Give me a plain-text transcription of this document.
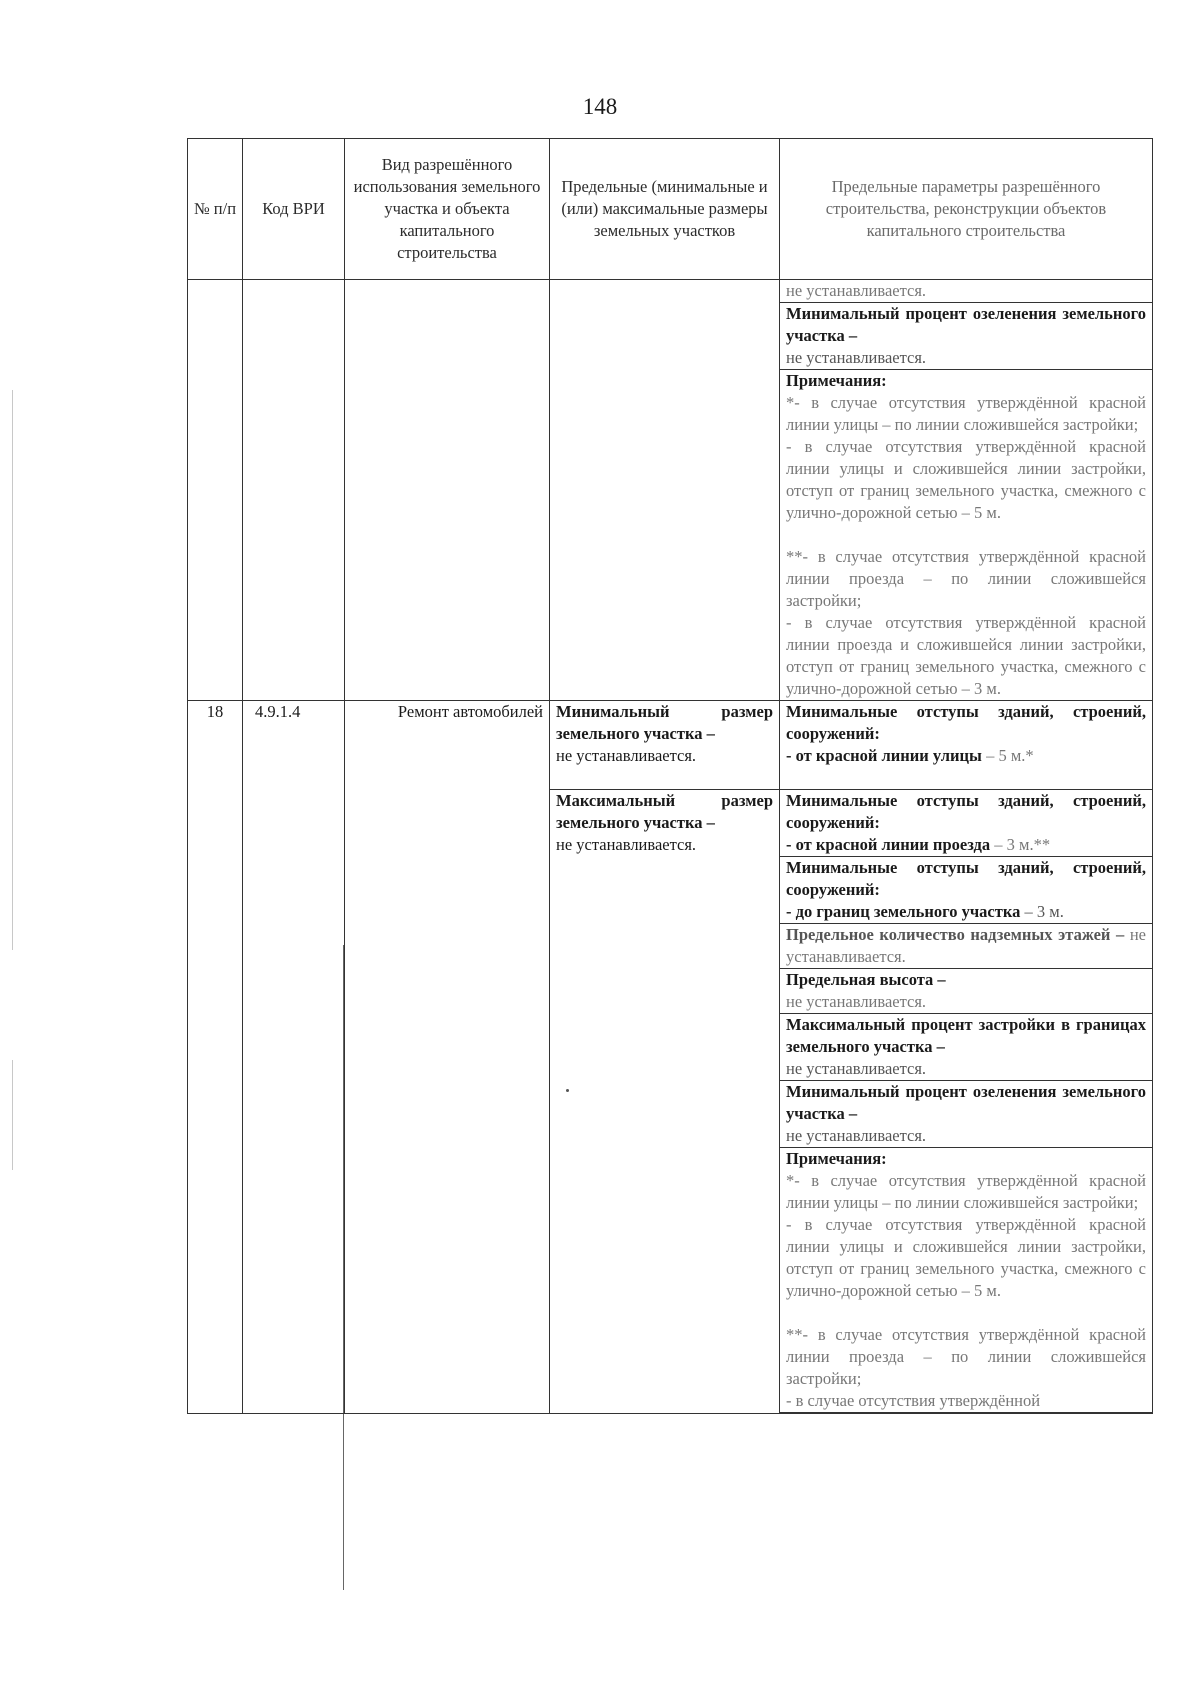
148
№ п/п	Код ВРИ	Вид разрешённого использования земельного участка и объекта капитального строительства	Предельные (минимальные и (или) максимальные размеры земельных участков	Предельные параметры разрешённого строительства, реконструкции объектов капитального строительства
				не устанавливается.
				Минимальный процент озеленения земельного участка –
не устанавливается.

				Примечания:
*- в случае отсутствия утверждённой красной линии улицы – по линии сложившейся застройки;
- в случае отсутствия утверждённой красной линии улицы и сложившейся линии застройки, отступ от границ земельного участка, смежного с улично-дорожной сетью – 5 м.
**- в случае отсутствия утверждённой красной линии проезда – по линии сложившейся застройки;
- в случае отсутствия утверждённой красной линии проезда и сложившейся линии застройки, отступ от границ земельного участка, смежного с улично-дорожной сетью – 3 м.

18	4.9.1.4	Ремонт автомобилей	Минимальный размер земельного участка –
не устанавливается.	Минимальные отступы зданий, строений, сооружений:
- от красной линии улицы – 5 м.*

			Максимальный размер земельного участка –
не устанавливается.	Минимальные отступы зданий, строений, сооружений:
- от красной линии проезда – 3 м.**
				Минимальные отступы зданий, строений, сооружений:
- до границ земельного участка – 3 м.
				Предельное количество надземных этажей – не устанавливается.
				Предельная высота –
не устанавливается.
				Максимальный процент застройки в границах земельного участка –
не устанавливается.
				Минимальный процент озеленения земельного участка –
не устанавливается.

				Примечания:
*- в случае отсутствия утверждённой красной линии улицы – по линии сложившейся застройки;
- в случае отсутствия утверждённой красной линии улицы и сложившейся линии застройки, отступ от границ земельного участка, смежного с улично-дорожной сетью – 5 м.
**- в случае отсутствия утверждённой красной линии проезда – по линии сложившейся застройки;
- в случае отсутствия утверждённой
